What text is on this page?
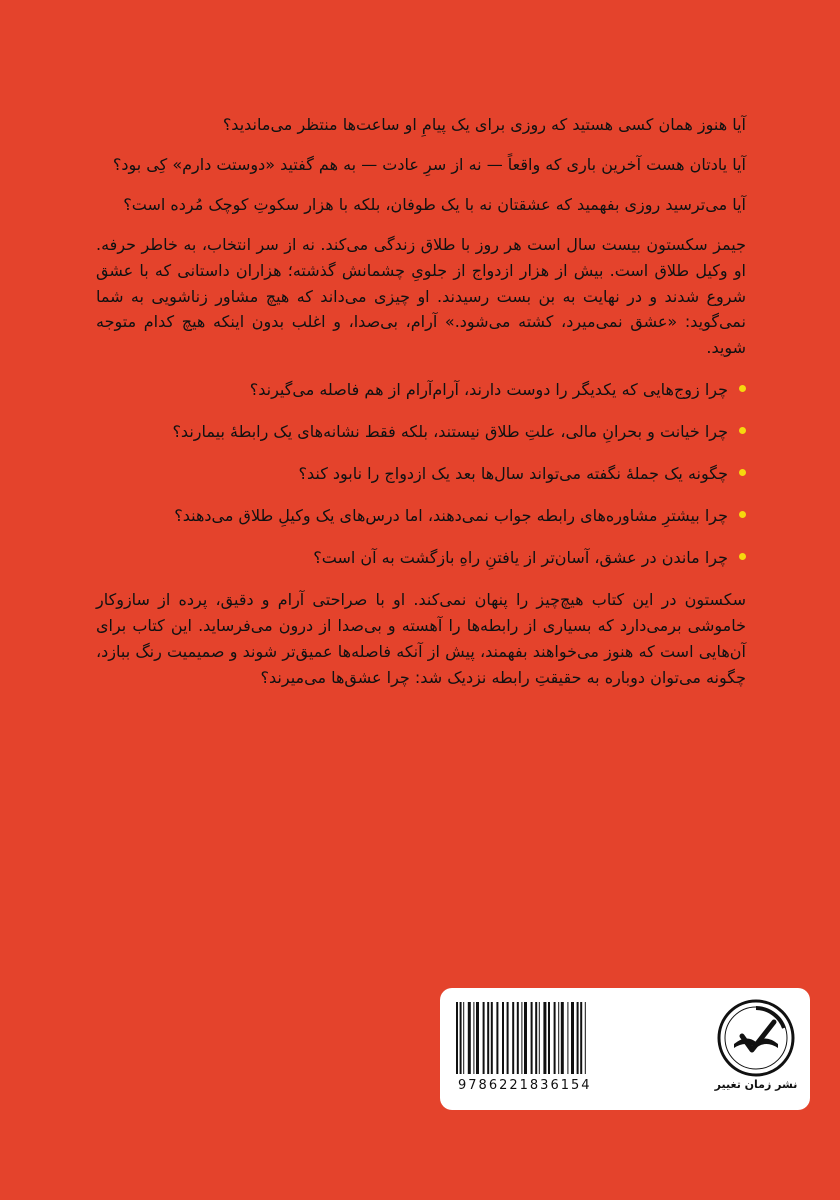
آیا هنوز همان کسی هستید که روزی برای یک پیامِ او ساعت‌ها منتظر می‌ماندید؟

آیا یادتان هست آخرین باری که واقعاً — نه از سرِ عادت — به هم گفتید «دوستت دارم» کِی بود؟

آیا می‌ترسید روزی بفهمید که عشقتان نه با یک طوفان، بلکه با هزار سکوتِ کوچک مُرده است؟

جیمز سکستون بیست سال است هر روز با طلاق زندگی می‌کند. نه از سر انتخاب، به خاطر حرفه. او وکیل طلاق است. بیش از هزار ازدواج از جلویِ چشمانش گذشته؛ هزاران داستانی که با عشق شروع شدند و در نهایت به بن بست رسیدند. او چیزی می‌داند که هیچ مشاور زناشویی به شما نمی‌گوید: «عشق نمی‌میرد، کشته می‌شود.» آرام، بی‌صدا، و اغلب بدون اینکه هیچ کدام متوجه شوید.

چرا زوج‌هایی که یکدیگر را دوست دارند، آرام‌آرام از هم فاصله می‌گیرند؟
چرا خیانت و بحرانِ مالی، علتِ طلاق نیستند، بلکه فقط نشانه‌های یک رابطه‌ٔ بیمارند؟
چگونه یک جملهٔ نگفته می‌تواند سال‌ها بعد یک ازدواج را نابود کند؟
چرا بیشترِ مشاوره‌های رابطه جواب نمی‌دهند، اما درس‌های یک وکیلِ طلاق می‌دهند؟
چرا ماندن در عشق، آسان‌تر از یافتنِ راهِ بازگشت به آن است؟

سکستون در این کتاب هیچ‌چیز را پنهان نمی‌کند. او با صراحتی آرام و دقیق، پرده از سازوکار خاموشی برمی‌دارد که بسیاری از رابطه‌ها را آهسته و بی‌صدا از درون می‌فرساید. این کتاب برای آن‌هایی است که هنوز می‌خواهند بفهمند، پیش از آنکه فاصله‌ها عمیق‌تر شوند و صمیمیت رنگ ببازد، چگونه می‌توان دوباره به حقیقتِ رابطه نزدیک شد: چرا عشق‌ها می‌میرند؟

9786221836154	نشر زمان تغییر
